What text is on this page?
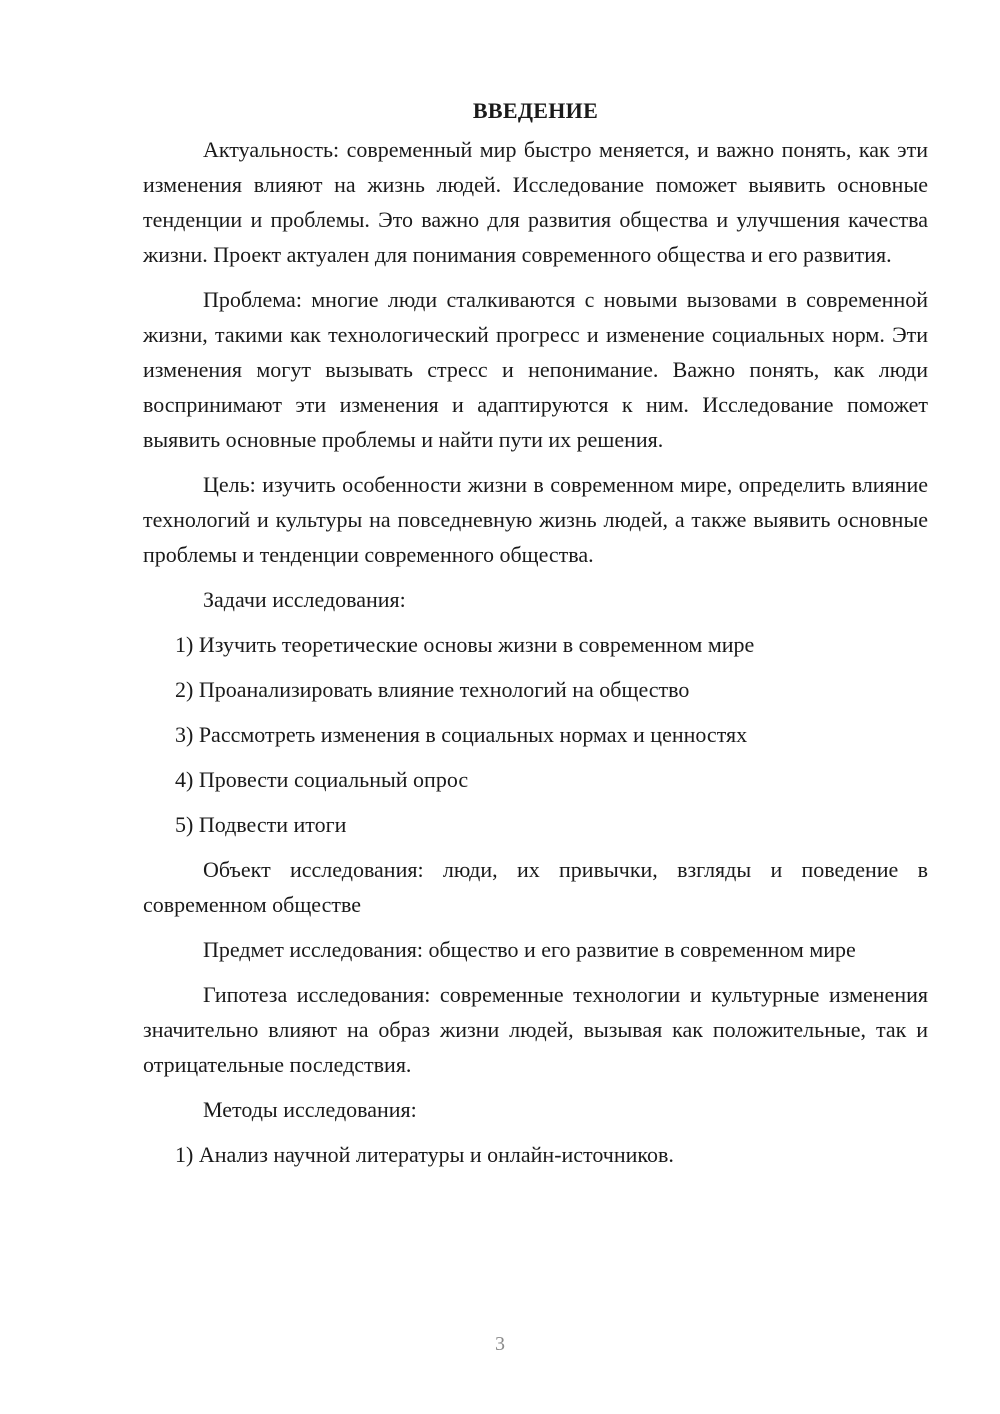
ВВЕДЕНИЕ

Актуальность: современный мир быстро меняется, и важно понять, как эти изменения влияют на жизнь людей. Исследование поможет выявить основные тенденции и проблемы. Это важно для развития общества и улучшения качества жизни. Проект актуален для понимания современного общества и его развития.

Проблема: многие люди сталкиваются с новыми вызовами в современной жизни, такими как технологический прогресс и изменение социальных норм. Эти изменения могут вызывать стресс и непонимание. Важно понять, как люди воспринимают эти изменения и адаптируются к ним. Исследование поможет выявить основные проблемы и найти пути их решения.

Цель: изучить особенности жизни в современном мире, определить влияние технологий и культуры на повседневную жизнь людей, а также выявить основные проблемы и тенденции современного общества.

Задачи исследования:
1) Изучить теоретические основы жизни в современном мире
2) Проанализировать влияние технологий на общество
3) Рассмотреть изменения в социальных нормах и ценностях
4) Провести социальный опрос
5) Подвести итоги

Объект исследования: люди, их привычки, взгляды и поведение в современном обществе

Предмет исследования: общество и его развитие в современном мире

Гипотеза исследования: современные технологии и культурные изменения значительно влияют на образ жизни людей, вызывая как положительные, так и отрицательные последствия.

Методы исследования:
1) Анализ научной литературы и онлайн-источников.
3
